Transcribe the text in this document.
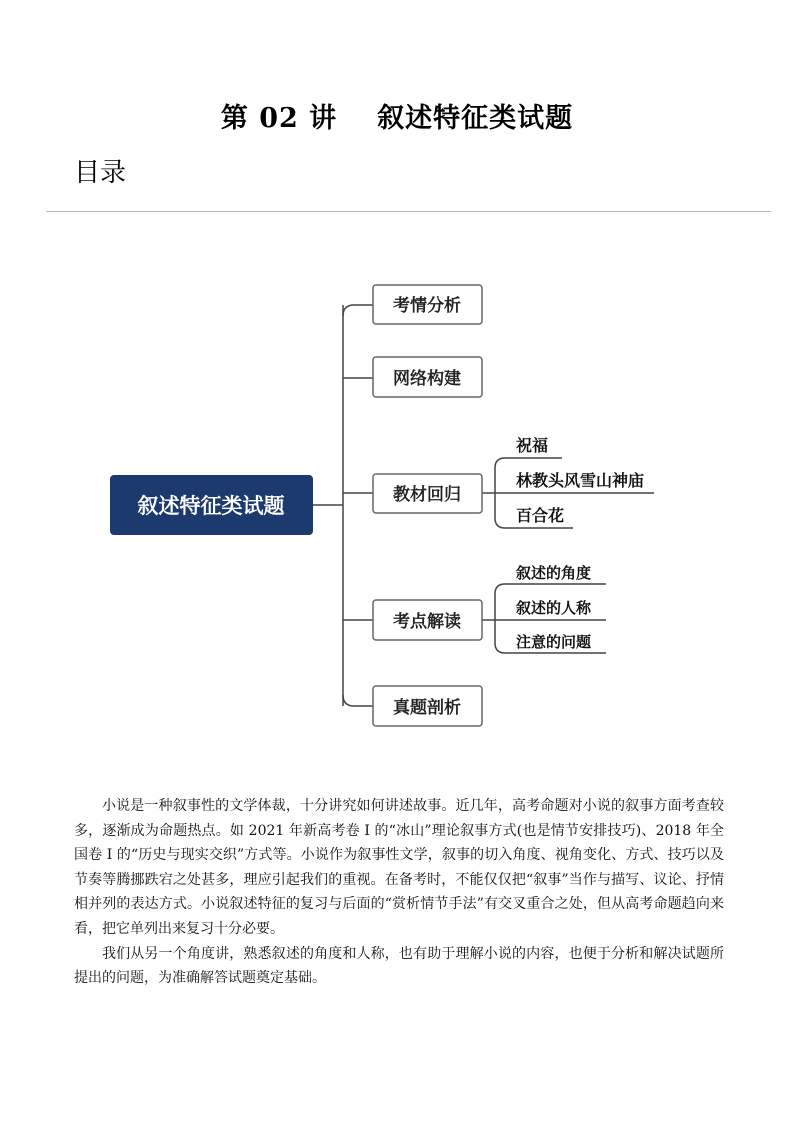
第 02 讲 叙述特征类试题
目录
叙述特征类试题
考情分析
网络构建
教材回归
考点解读
真题剖析
祝福
林教头风雪山神庙
百合花
叙述的角度
叙述的人称
注意的问题

小说是一种叙事性的文学体裁，十分讲究如何讲述故事。近几年，高考命题对小说的叙事方面考查较多，逐渐成为命题热点。如 2021 年新高考卷 I 的“冰山”理论叙事方式(也是情节安排技巧)、2018 年全国卷 I 的“历史与现实交织”方式等。小说作为叙事性文学，叙事的切入角度、视角变化、方式、技巧以及节奏等腾挪跌宕之处甚多，理应引起我们的重视。在备考时，不能仅仅把“叙事”当作与描写、议论、抒情相并列的表达方式。小说叙述特征的复习与后面的“赏析情节手法”有交叉重合之处，但从高考命题趋向来看，把它单列出来复习十分必要。

我们从另一个角度讲，熟悉叙述的角度和人称，也有助于理解小说的内容，也便于分析和解决试题所提出的问题，为准确解答试题奠定基础。
